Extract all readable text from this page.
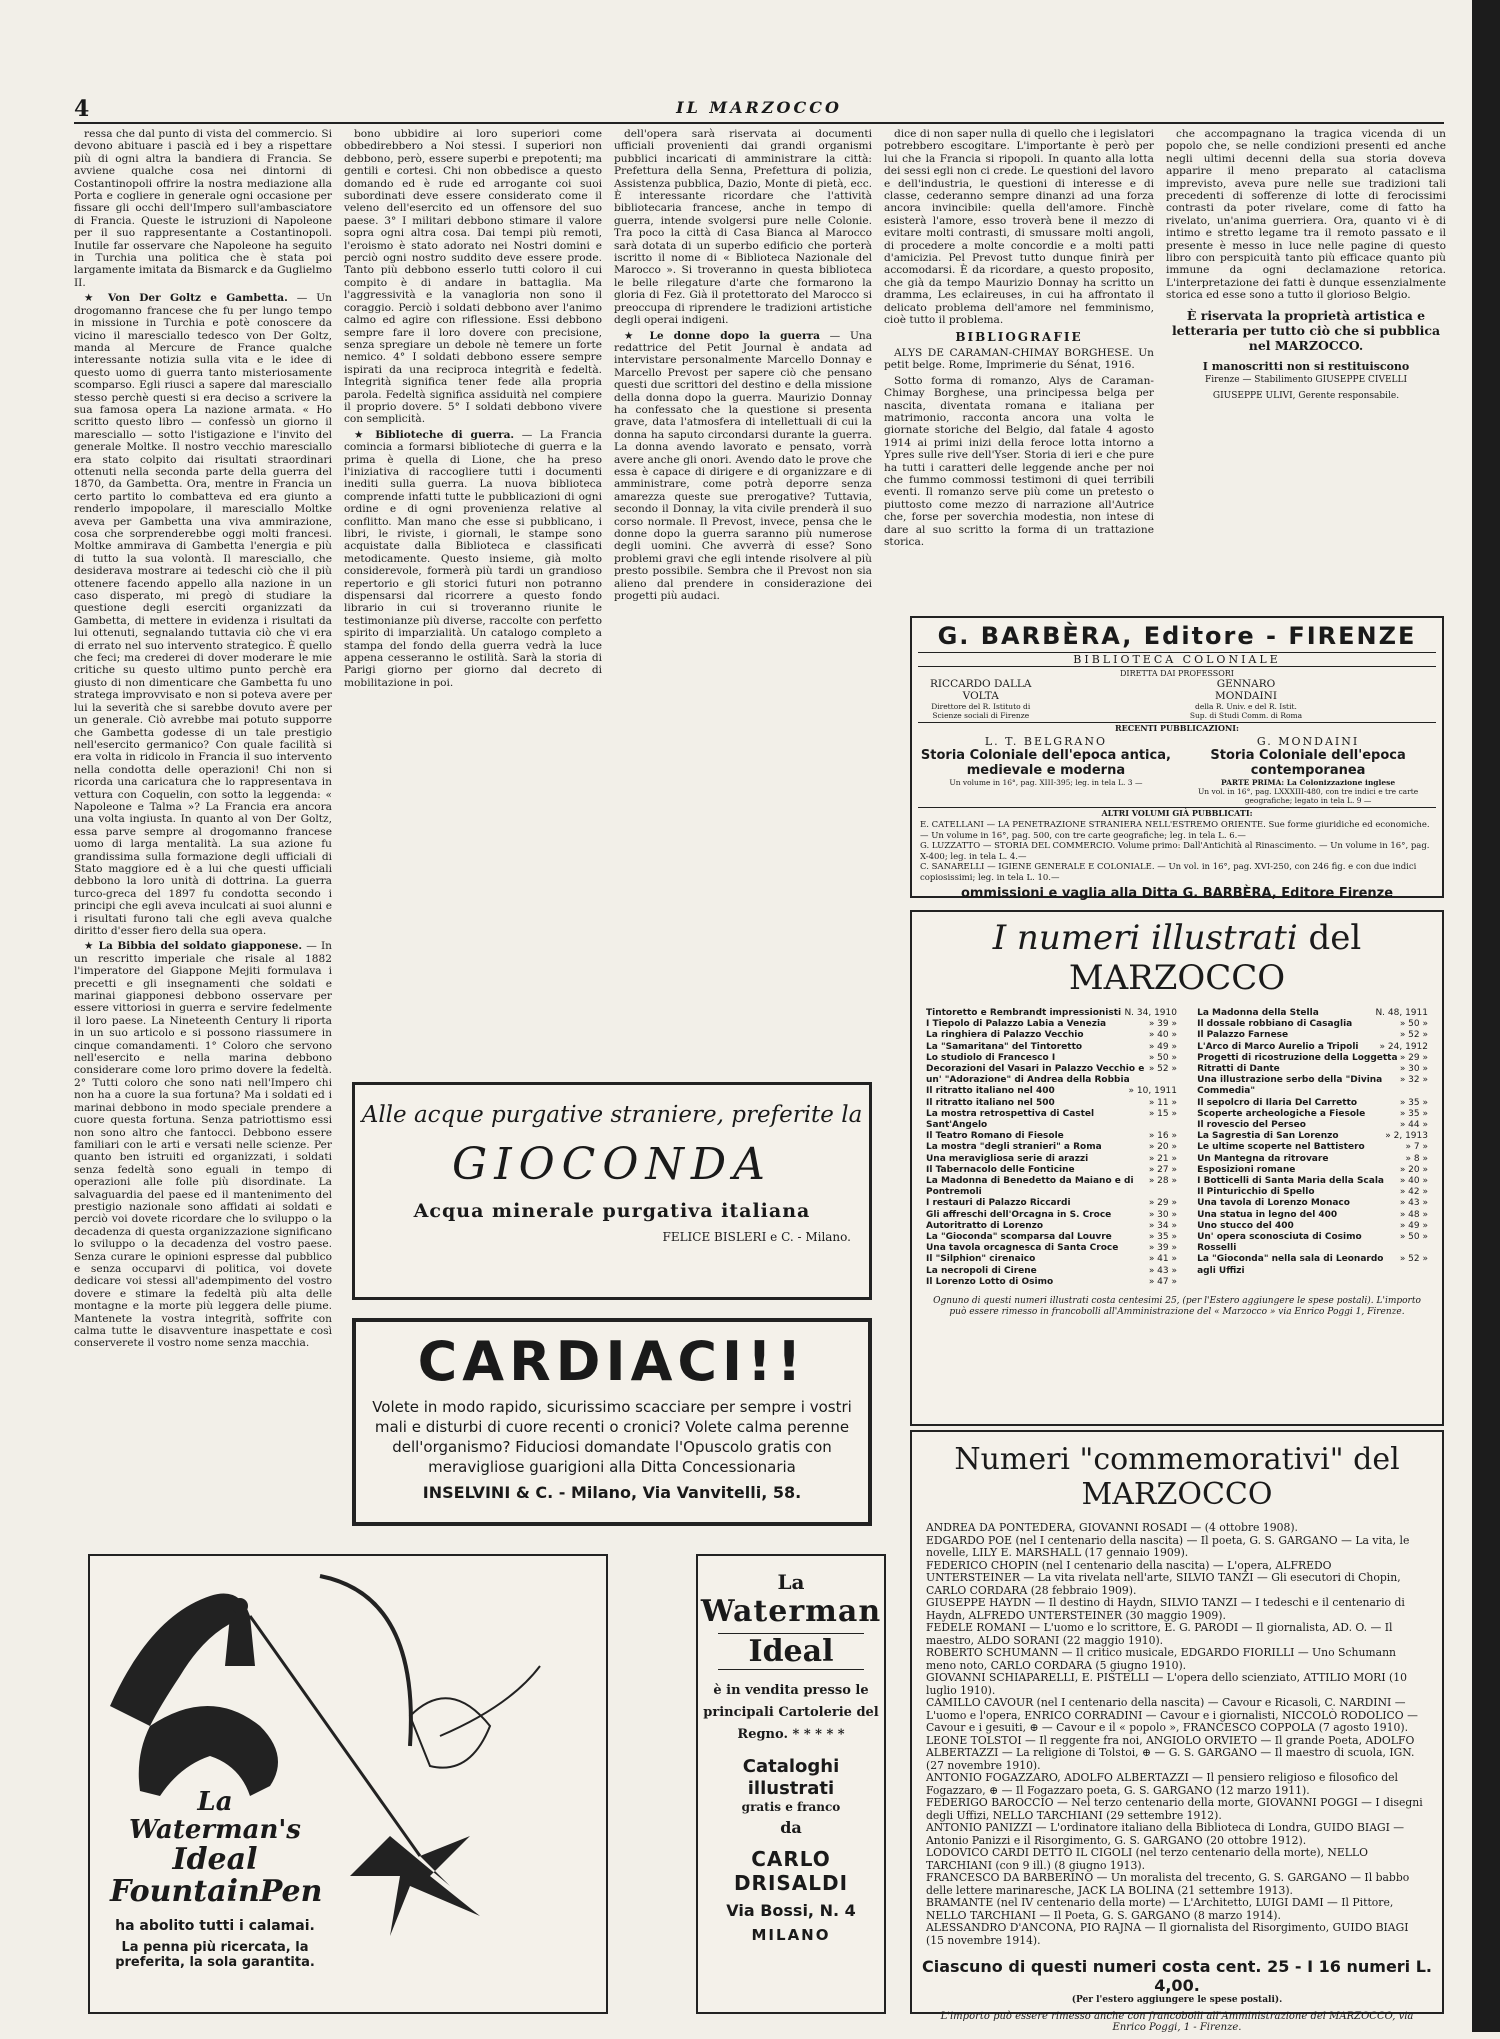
4	IL MARZOCCO

ressa che dal punto di vista del commercio. Si devono abituare i pascià ed i bey a rispettare più di ogni altra la bandiera di Francia. Se avviene qualche cosa nei dintorni di Costantinopoli offrire la nostra mediazione alla Porta e cogliere in generale ogni occasione per fissare gli occhi dell'Impero sull'ambasciatore di Francia. Queste le istruzioni di Napoleone per il suo rappresentante a Costantinopoli. Inutile far osservare che Napoleone ha seguito in Turchia una politica che è stata poi largamente imitata da Bismarck e da Guglielmo II.

★ Von Der Goltz e Gambetta. — Un drogomanno francese che fu per lungo tempo in missione in Turchia e potè conoscere da vicino il maresciallo tedesco von Der Goltz, manda al Mercure de France qualche interessante notizia sulla vita e le idee di questo uomo di guerra tanto misteriosamente scomparso. Egli riusci a sapere dal maresciallo stesso perchè questi si era deciso a scrivere la sua famosa opera La nazione armata. « Ho scritto questo libro — confessò un giorno il maresciallo — sotto l'istigazione e l'invito del generale Moltke. Il nostro vecchio maresciallo era stato colpito dai risultati straordinari ottenuti nella seconda parte della guerra del 1870, da Gambetta. Ora, mentre in Francia un certo partito lo combatteva ed era giunto a renderlo impopolare, il maresciallo Moltke aveva per Gambetta una viva ammirazione, cosa che sorprenderebbe oggi molti francesi. Moltke ammirava di Gambetta l'energia e più di tutto la sua volontà. Il maresciallo, che desiderava mostrare ai tedeschi ciò che il più ottenere facendo appello alla nazione in un caso disperato, mi pregò di studiare la questione degli eserciti organizzati da Gambetta, di mettere in evidenza i risultati da lui ottenuti, segnalando tuttavia ciò che vi era di errato nel suo intervento strategico. È quello che feci; ma crederei di dover moderare le mie critiche su questo ultimo punto perchè era giusto di non dimenticare che Gambetta fu uno stratega improvvisato e non si poteva avere per lui la severità che si sarebbe dovuto avere per un generale. Ciò avrebbe mai potuto supporre che Gambetta godesse di un tale prestigio nell'esercito germanico? Con quale facilità si era volta in ridicolo in Francia il suo intervento nella condotta delle operazioni! Chi non si ricorda una caricatura che lo rappresentava in vettura con Coquelin, con sotto la leggenda: « Napoleone e Talma »? La Francia era ancora una volta ingiusta. In quanto al von Der Goltz, essa parve sempre al drogomanno francese uomo di larga mentalità. La sua azione fu grandissima sulla formazione degli ufficiali di Stato maggiore ed è a lui che questi ufficiali debbono la loro unità di dottrina. La guerra turco-greca del 1897 fu condotta secondo i principi che egli aveva inculcati ai suoi alunni e i risultati furono tali che egli aveva qualche diritto d'esser fiero della sua opera.

★ La Bibbia del soldato giapponese. — In un rescritto imperiale che risale al 1882 l'imperatore del Giappone Mejiti formulava i precetti e gli insegnamenti che soldati e marinai giapponesi debbono osservare per essere vittoriosi in guerra e servire fedelmente il loro paese. La Nineteenth Century li riporta in un suo articolo e si possono riassumere in cinque comandamenti. 1° Coloro che servono nell'esercito e nella marina debbono considerare come loro primo dovere la fedeltà. 2° Tutti coloro che sono nati nell'Impero chi non ha a cuore la sua fortuna? Ma i soldati ed i marinai debbono in modo speciale prendere a cuore questa fortuna. Senza patriottismo essi non sono altro che fantocci. Debbono essere familiari con le arti e versati nelle scienze. Per quanto ben istruiti ed organizzati, i soldati senza fedeltà sono eguali in tempo di operazioni alle folle più disordinate. La salvaguardia del paese ed il mantenimento del prestigio nazionale sono affidati ai soldati e perciò voi dovete ricordare che lo sviluppo o la decadenza di questa organizzazione significano lo sviluppo o la decadenza del vostro paese. Senza curare le opinioni espresse dal pubblico e senza occuparvi di politica, voi dovete dedicare voi stessi all'adempimento del vostro dovere e stimare la fedeltà più alta delle montagne e la morte più leggera delle piume. Mantenete la vostra integrità, soffrite con calma tutte le disavventure inaspettate e così conserverete il vostro nome senza macchia.

bono ubbidire ai loro superiori come obbedirebbero a Noi stessi. I superiori non debbono, però, essere superbi e prepotenti; ma gentili e cortesi. Chi non obbedisce a questo domando ed è rude ed arrogante coi suoi subordinati deve essere considerato come il veleno dell'esercito ed un offensore del suo paese. 3° I militari debbono stimare il valore sopra ogni altra cosa. Dai tempi più remoti, l'eroismo è stato adorato nei Nostri domini e perciò ogni nostro suddito deve essere prode. Tanto più debbono esserlo tutti coloro il cui compito è di andare in battaglia. Ma l'aggressività e la vanagloria non sono il coraggio. Perciò i soldati debbono aver l'animo calmo ed agire con riflessione. Essi debbono sempre fare il loro dovere con precisione, senza spregiare un debole nè temere un forte nemico. 4° I soldati debbono essere sempre ispirati da una reciproca integrità e fedeltà. Integrità significa tener fede alla propria parola. Fedeltà significa assiduità nel compiere il proprio dovere. 5° I soldati debbono vivere con semplicità.

★ Biblioteche di guerra. — La Francia comincia a formarsi biblioteche di guerra e la prima è quella di Lione, che ha preso l'iniziativa di raccogliere tutti i documenti inediti sulla guerra. La nuova biblioteca comprende infatti tutte le pubblicazioni di ogni ordine e di ogni provenienza relative al conflitto. Man mano che esse si pubblicano, i libri, le riviste, i giornali, le stampe sono acquistate dalla Biblioteca e classificati metodicamente. Questo insieme, già molto considerevole, formerà più tardi un grandioso repertorio e gli storici futuri non potranno dispensarsi dal ricorrere a questo fondo librario in cui si troveranno riunite le testimonianze più diverse, raccolte con perfetto spirito di imparzialità. Un catalogo completo a stampa del fondo della guerra vedrà la luce appena cesseranno le ostilità. Sarà la storia di Parigi giorno per giorno dal decreto di mobilitazione in poi.

dell'opera sarà riservata ai documenti ufficiali provenienti dai grandi organismi pubblici incaricati di amministrare la città: Prefettura della Senna, Prefettura di polizia, Assistenza pubblica, Dazio, Monte di pietà, ecc. È interessante ricordare che l'attività bibliotecaria francese, anche in tempo di guerra, intende svolgersi pure nelle Colonie. Tra poco la città di Casa Bianca al Marocco sarà dotata di un superbo edificio che porterà iscritto il nome di « Biblioteca Nazionale del Marocco ». Si troveranno in questa biblioteca le belle rilegature d'arte che formarono la gloria di Fez. Già il protettorato del Marocco si preoccupa di riprendere le tradizioni artistiche degli operai indigeni.

★ Le donne dopo la guerra — Una redattrice del Petit Journal è andata ad intervistare personalmente Marcello Donnay e Marcello Prevost per sapere ciò che pensano questi due scrittori del destino e della missione della donna dopo la guerra. Maurizio Donnay ha confessato che la questione si presenta grave, data l'atmosfera di intellettuali di cui la donna ha saputo circondarsi durante la guerra. La donna avendo lavorato e pensato, vorrà avere anche gli onori. Avendo dato le prove che essa è capace di dirigere e di organizzare e di amministrare, come potrà deporre senza amarezza queste sue prerogative? Tuttavia, secondo il Donnay, la vita civile prenderà il suo corso normale. Il Prevost, invece, pensa che le donne dopo la guerra saranno più numerose degli uomini. Che avverrà di esse? Sono problemi gravi che egli intende risolvere al più presto possibile. Sembra che il Prevost non sia alieno dal prendere in considerazione dei progetti più audaci.

dice di non saper nulla di quello che i legislatori potrebbero escogitare. L'importante è però per lui che la Francia si ripopoli. In quanto alla lotta dei sessi egli non ci crede. Le questioni del lavoro e dell'industria, le questioni di interesse e di classe, cederanno sempre dinanzi ad una forza ancora invincibile: quella dell'amore. Finchè esisterà l'amore, esso troverà bene il mezzo di evitare molti contrasti, di smussare molti angoli, di procedere a molte concordie e a molti patti d'amicizia. Pel Prevost tutto dunque finirà per accomodarsi. È da ricordare, a questo proposito, che già da tempo Maurizio Donnay ha scritto un dramma, Les eclaireuses, in cui ha affrontato il delicato problema dell'amore nel femminismo, cioè tutto il problema.

BIBLIOGRAFIE

ALYS DE CARAMAN-CHIMAY BORGHESE. Un petit belge. Rome, Imprimerie du Sénat, 1916.

Sotto forma di romanzo, Alys de Caraman-Chimay Borghese, una principessa belga per nascita, diventata romana e italiana per matrimonio, racconta ancora una volta le giornate storiche del Belgio, dal fatale 4 agosto 1914 ai primi inizi della feroce lotta intorno a Ypres sulle rive dell'Yser. Storia di ieri e che pure ha tutti i caratteri delle leggende anche per noi che fummo commossi testimoni di quei terribili eventi. Il romanzo serve più come un pretesto o piuttosto come mezzo di narrazione all'Autrice che, forse per soverchia modestia, non intese di dare al suo scritto la forma di un trattazione storica.

che accompagnano la tragica vicenda di un popolo che, se nelle condizioni presenti ed anche negli ultimi decenni della sua storia doveva apparire il meno preparato al cataclisma imprevisto, aveva pure nelle sue tradizioni tali precedenti di sofferenze di lotte di ferocissimi contrasti da poter rivelare, come di fatto ha rivelato, un'anima guerriera. Ora, quanto vi è di intimo e stretto legame tra il remoto passato e il presente è messo in luce nelle pagine di questo libro con perspicuità tanto più efficace quanto più immune da ogni declamazione retorica. L'interpretazione dei fatti è dunque essenzialmente storica ed esse sono a tutto il glorioso Belgio.

È riservata la proprietà artistica e letteraria per tutto ciò che si pubblica nel MARZOCCO.
I manoscritti non si restituiscono
Firenze — Stabilimento GIUSEPPE CIVELLI
GIUSEPPE ULIVI, Gerente responsabile.
Alle acque purgative straniere, preferite la
GIOCONDA
Acqua minerale purgativa italiana
FELICE BISLERI e C. - Milano.
CARDIACI!!
Volete in modo rapido, sicurissimo scacciare per sempre i vostri mali e disturbi di cuore recenti o cronici? Volete calma perenne dell'organismo? Fiduciosi domandate l'Opuscolo gratis con meravigliose guarigioni alla Ditta Concessionaria
INSELVINI & C. - Milano, Via Vanvitelli, 58.
La Waterman's
Ideal
FountainPen
ha abolito tutti i calamai.
La penna più ricercata, la preferita, la sola garantita.
La
Waterman
Ideal
è in vendita presso le
principali Cartolerie del
Regno. * * * * *
Cataloghi illustrati
gratis e franco
da
CARLO DRISALDI
Via Bossi, N. 4
MILANO
G. BARBÈRA, Editore - FIRENZE
BIBLIOTECA COLONIALE
DIRETTA DAI PROFESSORI
RICCARDO DALLA VOLTA
Direttore del R. Istituto di Scienze sociali di Firenze
GENNARO MONDAINI
della R. Univ. e del R. Istit. Sup. di Studi Comm. di Roma
RECENTI PUBBLICAZIONI:
L. T. BELGRANO
Storia Coloniale dell'epoca antica, medievale e moderna
Un volume in 16°, pag. XIII-395; leg. in tela L. 3 —
G. MONDAINI
Storia Coloniale dell'epoca contemporanea
PARTE PRIMA: La Colonizzazione inglese
Un vol. in 16°, pag. LXXXIII-480, con tre indici e tre carte geografiche; legato in tela L. 9 —
ALTRI VOLUMI GIÀ PUBBLICATI:
E. CATELLANI — LA PENETRAZIONE STRANIERA NELL'ESTREMO ORIENTE. Sue forme giuridiche ed economiche. — Un volume in 16°, pag. 500, con tre carte geografiche; leg. in tela L. 6.—
G. LUZZATTO — STORIA DEL COMMERCIO. Volume primo: Dall'Antichità al Rinascimento. — Un volume in 16°, pag. X-400; leg. in tela L. 4.—
C. SANARELLI — IGIENE GENERALE E COLONIALE. — Un vol. in 16°, pag. XVI-250, con 246 fig. e con due indici copiosissimi; leg. in tela L. 10.—
ommissioni e vaglia alla Ditta G. BARBÈRA, Editore Firenze
I numeri illustrati del MARZOCCO
Tintoretto e Rembrandt impressionisti N. 34, 1910
I Tiepolo di Palazzo Labia a Venezia	» 39 »
La ringhiera di Palazzo Vecchio	» 40 »
La "Samaritana" del Tintoretto	» 49 »
Lo studiolo di Francesco I	» 50 »
Decorazioni del Vasari in Palazzo Vecchio e un' "Adorazione" di Andrea della Robbia
» 52 »
Il ritratto italiano nel 400	» 10, 1911
Il ritratto italiano nel 500	» 11 »
La mostra retrospettiva di Castel Sant'Angelo
» 15 »
Il Teatro Romano di Fiesole	» 16 »
La mostra "degli stranieri" a Roma	» 20 »
Una meravigliosa serie di arazzi	» 21 »
Il Tabernacolo delle Fonticine	» 27 »
La Madonna di Benedetto da Maiano e di Pontremoli
» 28 »
I restauri di Palazzo Riccardi	» 29 »
Gli affreschi dell'Orcagna in S. Croce	» 30 »
Autoritratto di Lorenzo	» 34 »
La "Gioconda" scomparsa dal Louvre	» 35 »
Una tavola orcagnesca di Santa Croce	» 39 »
Il "Silphion" cirenaico	» 41 »
La necropoli di Cirene	» 43 »
Il Lorenzo Lotto di Osimo	» 47 »
La Madonna della Stella	N. 48, 1911
Il dossale robbiano di Casaglia	» 50 »
Il Palazzo Farnese	» 52 »
L'Arco di Marco Aurelio a Tripoli » 24, 1912
Progetti di ricostruzione della Loggetta » 29 »
Ritratti di Dante	» 30 »
Una illustrazione serbo della "Divina Commedia"
» 32 »
Il sepolcro di Ilaria Del Carretto	» 35 »
Scoperte archeologiche a Fiesole	» 35 »
Il rovescio del Perseo	» 44 »
La Sagrestia di San Lorenzo	» 2, 1913
Le ultime scoperte nel Battistero	» 7 »
Un Mantegna da ritrovare	» 8 »
Esposizioni romane	» 20 »
I Botticelli di Santa Maria della Scala » 40 »
Il Pinturicchio di Spello	» 42 »
Una tavola di Lorenzo Monaco	» 43 »
Una statua in legno del 400	» 48 »
Uno stucco del 400	» 49 »
Un' opera sconosciuta di Cosimo Rosselli
» 50 »
La "Gioconda" nella sala di Leonardo agli Uffizi
» 52 »
Ognuno di questi numeri illustrati costa centesimi 25, (per l'Estero aggiungere le spese postali). L'importo può essere rimesso in francobolli all'Amministrazione del « Marzocco » via Enrico Poggi 1, Firenze.
Numeri "commemorativi" del MARZOCCO
ANDREA DA PONTEDERA, GIOVANNI ROSADI — (4 ottobre 1908).
EDGARDO POE (nel I centenario della nascita) — Il poeta, G. S. GARGANO — La vita, le novelle, LILY E. MARSHALL (17 gennaio 1909).
FEDERICO CHOPIN (nel I centenario della nascita) — L'opera, ALFREDO UNTERSTEINER — La vita rivelata nell'arte, SILVIO TANZI — Gli esecutori di Chopin, CARLO CORDARA (28 febbraio 1909).
GIUSEPPE HAYDN — Il destino di Haydn, SILVIO TANZI — I tedeschi e il centenario di Haydn, ALFREDO UNTERSTEINER (30 maggio 1909).
FEDELE ROMANI — L'uomo e lo scrittore, E. G. PARODI — Il giornalista, AD. O. — Il maestro, ALDO SORANI (22 maggio 1910).
ROBERTO SCHUMANN — Il critico musicale, EDGARDO FIORILLI — Uno Schumann meno noto, CARLO CORDARA (5 giugno 1910).
GIOVANNI SCHIAPARELLI, E. PISTELLI — L'opera dello scienziato, ATTILIO MORI (10 luglio 1910).
CAMILLO CAVOUR (nel I centenario della nascita) — Cavour e Ricasoli, C. NARDINI — L'uomo e l'opera, ENRICO CORRADINI — Cavour e i giornalisti, NICCOLÒ RODOLICO — Cavour e i gesuiti, ⊕ — Cavour e il « popolo », FRANCESCO COPPOLA (7 agosto 1910).
LEONE TOLSTOI — Il reggente fra noi, ANGIOLO ORVIETO — Il grande Poeta, ADOLFO ALBERTAZZI — La religione di Tolstoi, ⊕ — G. S. GARGANO — Il maestro di scuola, IGN. (27 novembre 1910).
ANTONIO FOGAZZARO, ADOLFO ALBERTAZZI — Il pensiero religioso e filosofico del Fogazzaro, ⊕ — Il Fogazzaro poeta, G. S. GARGANO (12 marzo 1911).
FEDERIGO BAROCCIO — Nel terzo centenario della morte, GIOVANNI POGGI — I disegni degli Uffizi, NELLO TARCHIANI (29 settembre 1912).
ANTONIO PANIZZI — L'ordinatore italiano della Biblioteca di Londra, GUIDO BIAGI — Antonio Panizzi e il Risorgimento, G. S. GARGANO (20 ottobre 1912).
LODOVICO CARDI DETTO IL CIGOLI (nel terzo centenario della morte), NELLO TARCHIANI (con 9 ill.) (8 giugno 1913).
FRANCESCO DA BARBERINO — Un moralista del trecento, G. S. GARGANO — Il babbo delle lettere marinaresche, JACK LA BOLINA (21 settembre 1913).
BRAMANTE (nel IV centenario della morte) — L'Architetto, LUIGI DAMI — Il Pittore, NELLO TARCHIANI — Il Poeta, G. S. GARGANO (8 marzo 1914).
ALESSANDRO D'ANCONA, PIO RAJNA — Il giornalista del Risorgimento, GUIDO BIAGI (15 novembre 1914).
Ciascuno di questi numeri costa cent. 25 - I 16 numeri L. 4,00.
(Per l'estero aggiungere le spese postali).
L'importo può essere rimesso anche con francobolli all'Amministrazione del MARZOCCO, via Enrico Poggi, 1 - Firenze.
